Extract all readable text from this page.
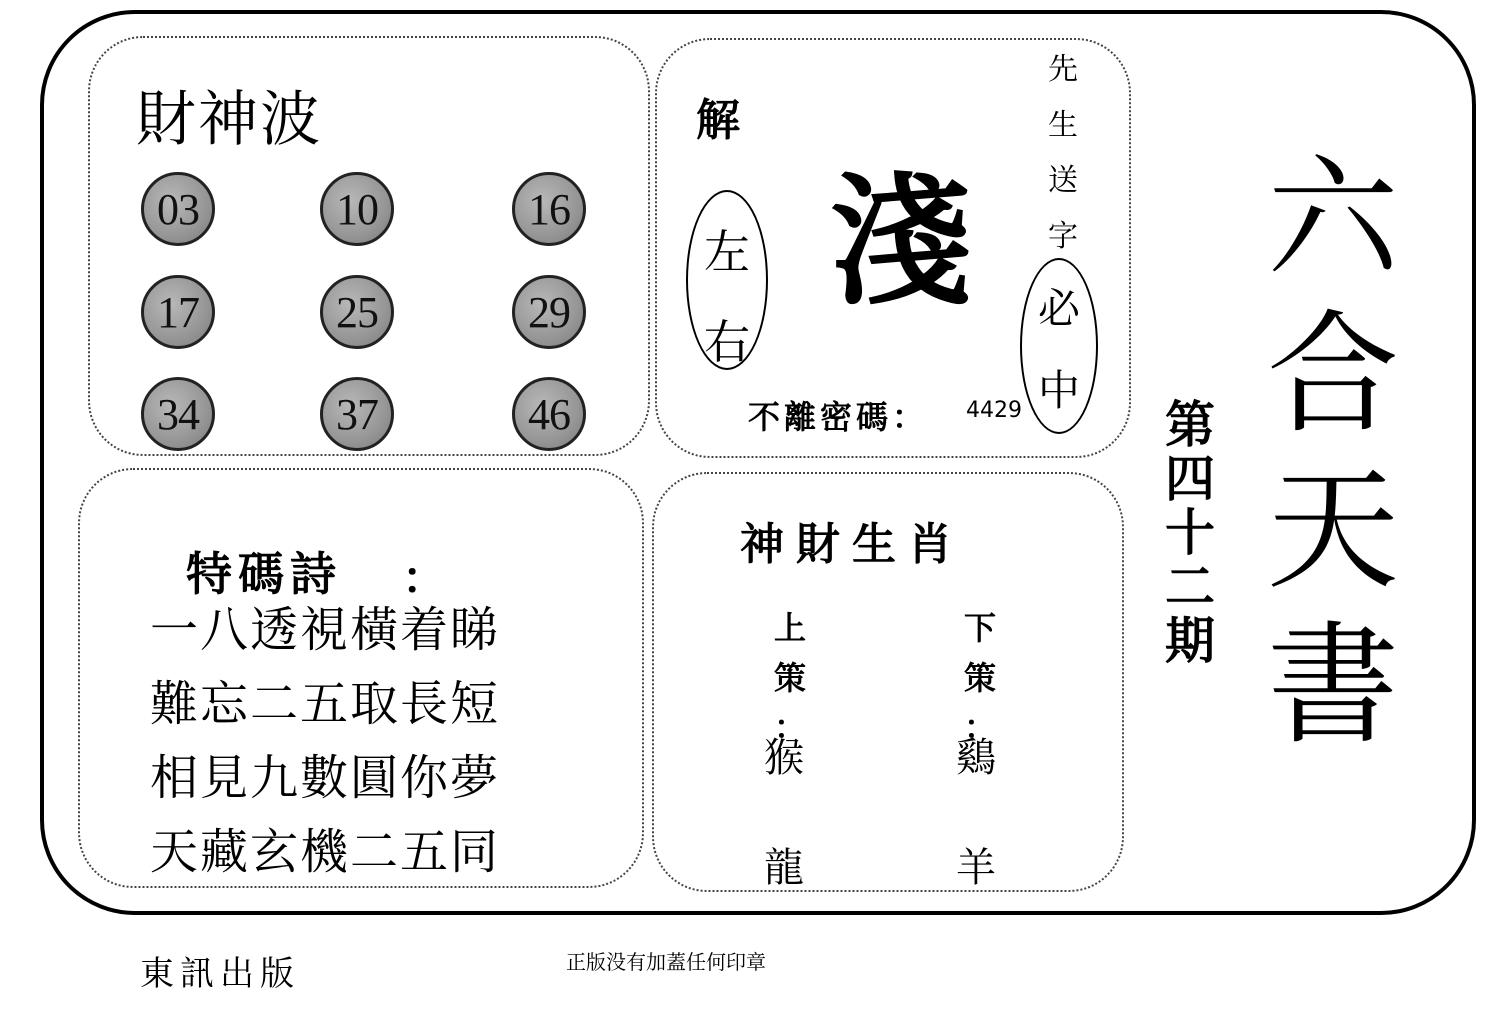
財神波
03	10	16
17	25	29
34	37	46
解
左
右
淺
先
生
送
字
必
中
不離密碼： 4429
特碼詩 ：
一八透視橫着睇
難忘二五取長短
相見九數圓你夢
天藏玄機二五同
神財生肖
上
策
：
猴
龍
下
策
：
鷄
羊
第
四
十
二
期
六
合
天
書
東訊出版	正版没有加蓋任何印章
